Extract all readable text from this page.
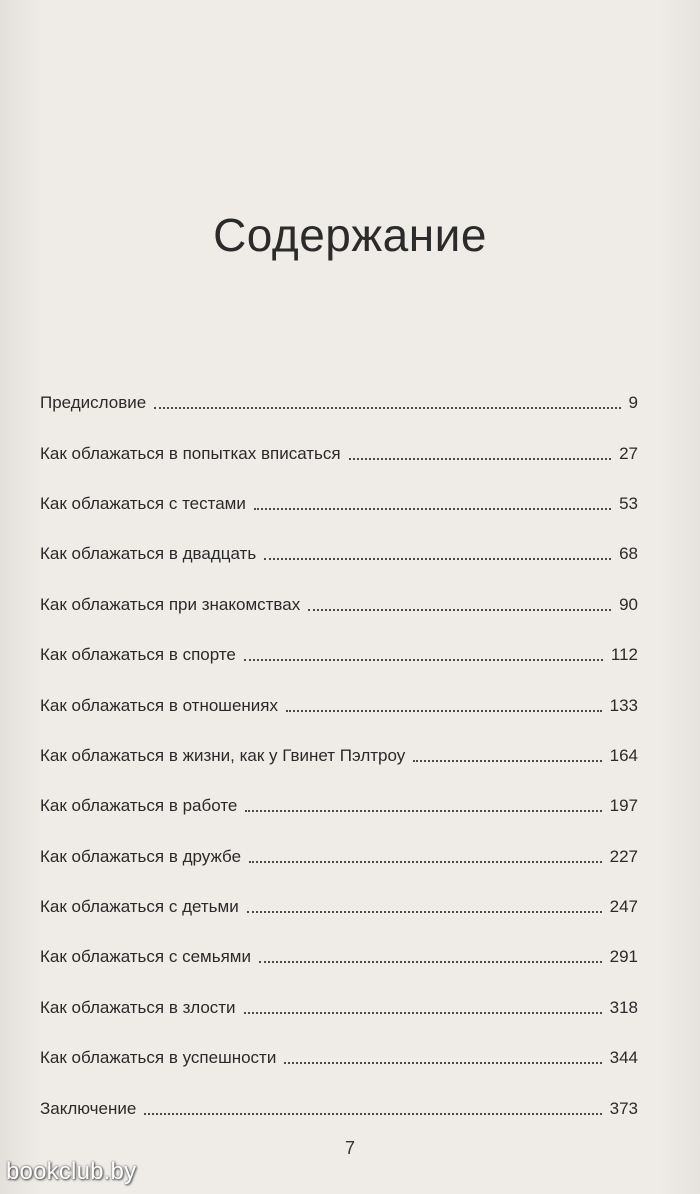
Содержание
Предисловие	9
Как облажаться в попытках вписаться	27
Как облажаться с тестами	53
Как облажаться в двадцать	68
Как облажаться при знакомствах	90
Как облажаться в спорте	112
Как облажаться в отношениях	133
Как облажаться в жизни, как у Гвинет Пэлтроу	164
Как облажаться в работе	197
Как облажаться в дружбе	227
Как облажаться с детьми	247
Как облажаться с семьями	291
Как облажаться в злости	318
Как облажаться в успешности	344
Заключение	373
7
bookclub.by
